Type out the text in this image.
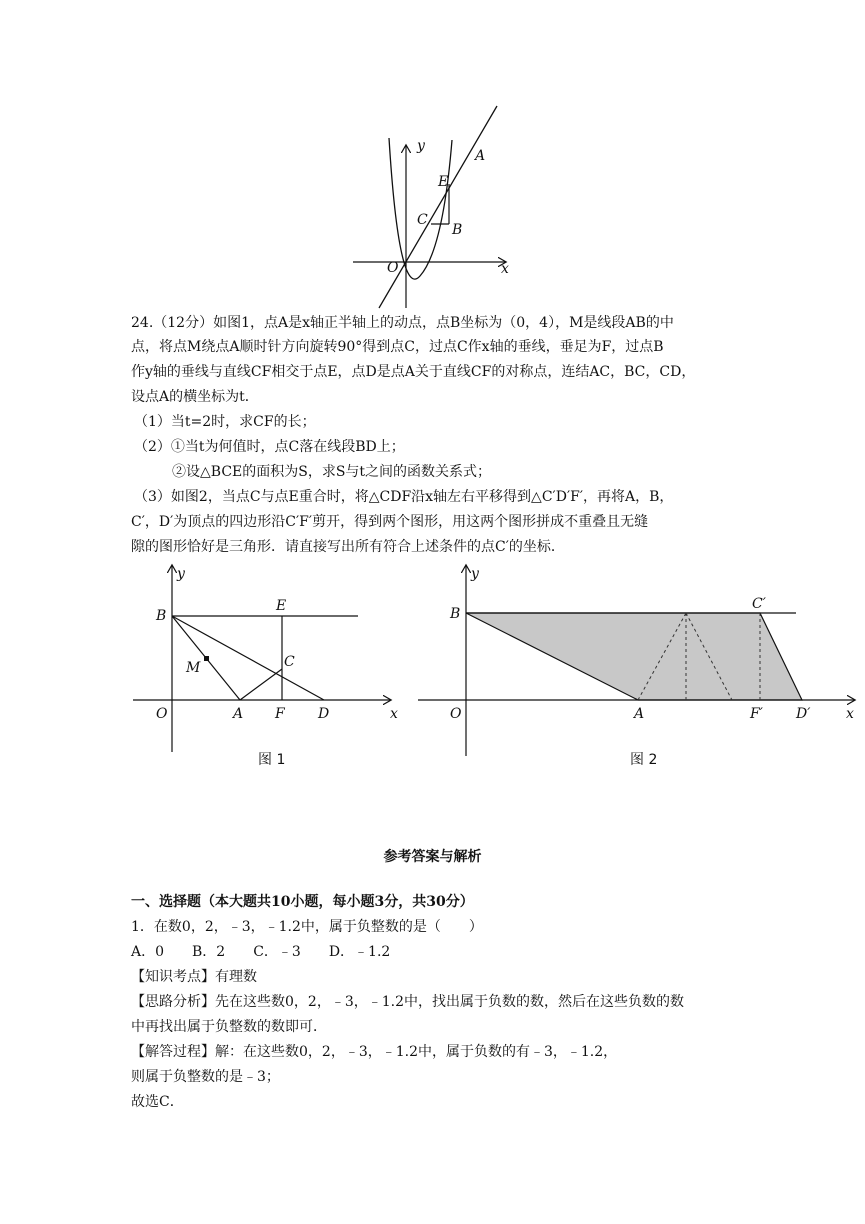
y
x
O
A
E
C
B
24.（12分）如图1，点A是x轴正半轴上的动点，点B坐标为（0，4），M是线段AB的中
点，将点M绕点A顺时针方向旋转90°得到点C，过点C作x轴的垂线，垂足为F，过点B
作y轴的垂线与直线CF相交于点E，点D是点A关于直线CF的对称点，连结AC，BC，CD，
设点A的横坐标为t．
（1）当t=2时，求CF的长；
（2）①当t为何值时，点C落在线段BD上；
②设△BCE的面积为S，求S与t之间的函数关系式；
（3）如图2，当点C与点E重合时，将△CDF沿x轴左右平移得到△C′D′F′，再将A，B，
C′，D′为顶点的四边形沿C′F′剪开，得到两个图形，用这两个图形拼成不重叠且无缝
隙的图形恰好是三角形．请直接写出所有符合上述条件的点C′的坐标．
y
x
O
B
E
M	C
A F D
图 1
y
x
O
B
C′
A	F′ D′
图 2
参考答案与解析
一、选择题（本大题共10小题，每小题3分，共30分）
1．在数0，2，﹣3，﹣1.2中，属于负整数的是（　　）
A．0　　B．2　　C．﹣3　　D．﹣1.2
【知识考点】有理数
【思路分析】先在这些数0，2，﹣3，﹣1.2中，找出属于负数的数，然后在这些负数的数
中再找出属于负整数的数即可．
【解答过程】解：在这些数0，2，﹣3，﹣1.2中，属于负数的有﹣3，﹣1.2，
则属于负整数的是﹣3；
故选C．
